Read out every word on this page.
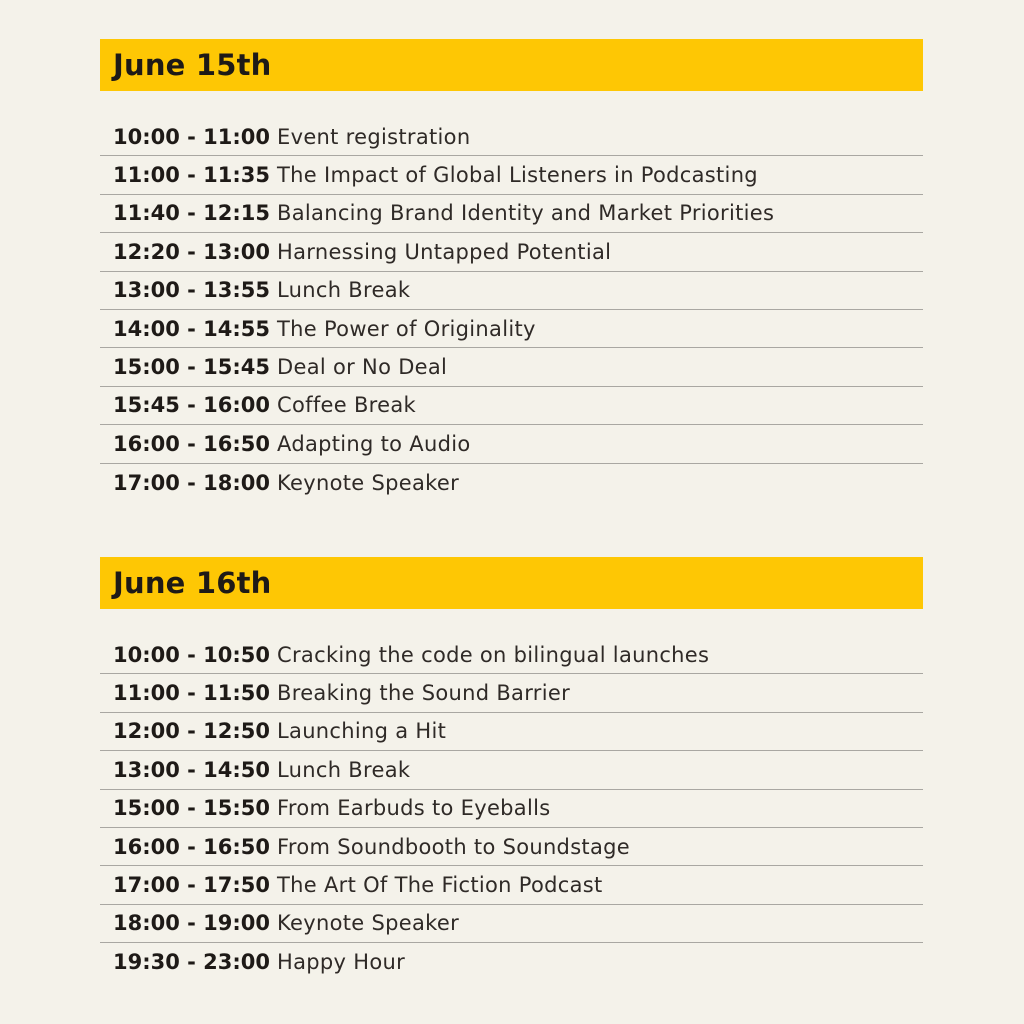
June 15th
10:00 - 11:00 Event registration
11:00 - 11:35 The Impact of Global Listeners in Podcasting
11:40 - 12:15 Balancing Brand Identity and Market Priorities
12:20 - 13:00 Harnessing Untapped Potential
13:00 - 13:55 Lunch Break
14:00 - 14:55 The Power of Originality
15:00 - 15:45 Deal or No Deal
15:45 - 16:00 Coffee Break
16:00 - 16:50 Adapting to Audio
17:00 - 18:00 Keynote Speaker
June 16th
10:00 - 10:50 Cracking the code on bilingual launches
11:00 - 11:50 Breaking the Sound Barrier
12:00 - 12:50 Launching a Hit
13:00 - 14:50 Lunch Break
15:00 - 15:50 From Earbuds to Eyeballs
16:00 - 16:50 From Soundbooth to Soundstage
17:00 - 17:50 The Art Of The Fiction Podcast
18:00 - 19:00 Keynote Speaker
19:30 - 23:00 Happy Hour
